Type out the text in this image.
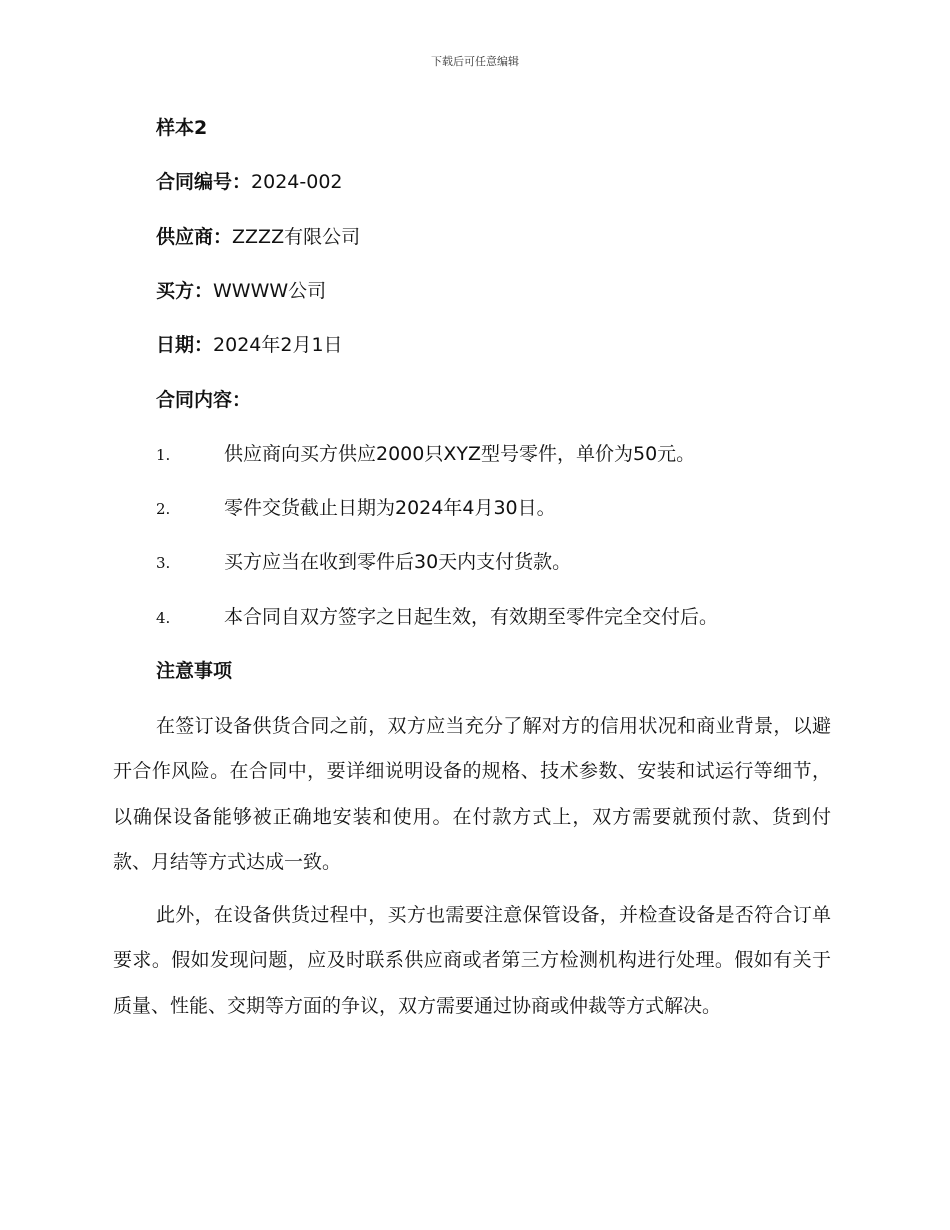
下载后可任意编辑
样本2
合同编号：2024-002
供应商：ZZZZ有限公司
买方：WWWW公司
日期：2024年2月1日
合同内容：
1.	供应商向买方供应2000只XYZ型号零件，单价为50元。
2.	零件交货截止日期为2024年4月30日。
3.	买方应当在收到零件后30天内支付货款。
4.	本合同自双方签字之日起生效，有效期至零件完全交付后。
注意事项

在签订设备供货合同之前，双方应当充分了解对方的信用状况和商业背景，以避开合作风险。在合同中，要详细说明设备的规格、技术参数、安装和试运行等细节，以确保设备能够被正确地安装和使用。在付款方式上，双方需要就预付款、货到付款、月结等方式达成一致。

此外，在设备供货过程中，买方也需要注意保管设备，并检查设备是否符合订单要求。假如发现问题，应及时联系供应商或者第三方检测机构进行处理。假如有关于质量、性能、交期等方面的争议，双方需要通过协商或仲裁等方式解决。
